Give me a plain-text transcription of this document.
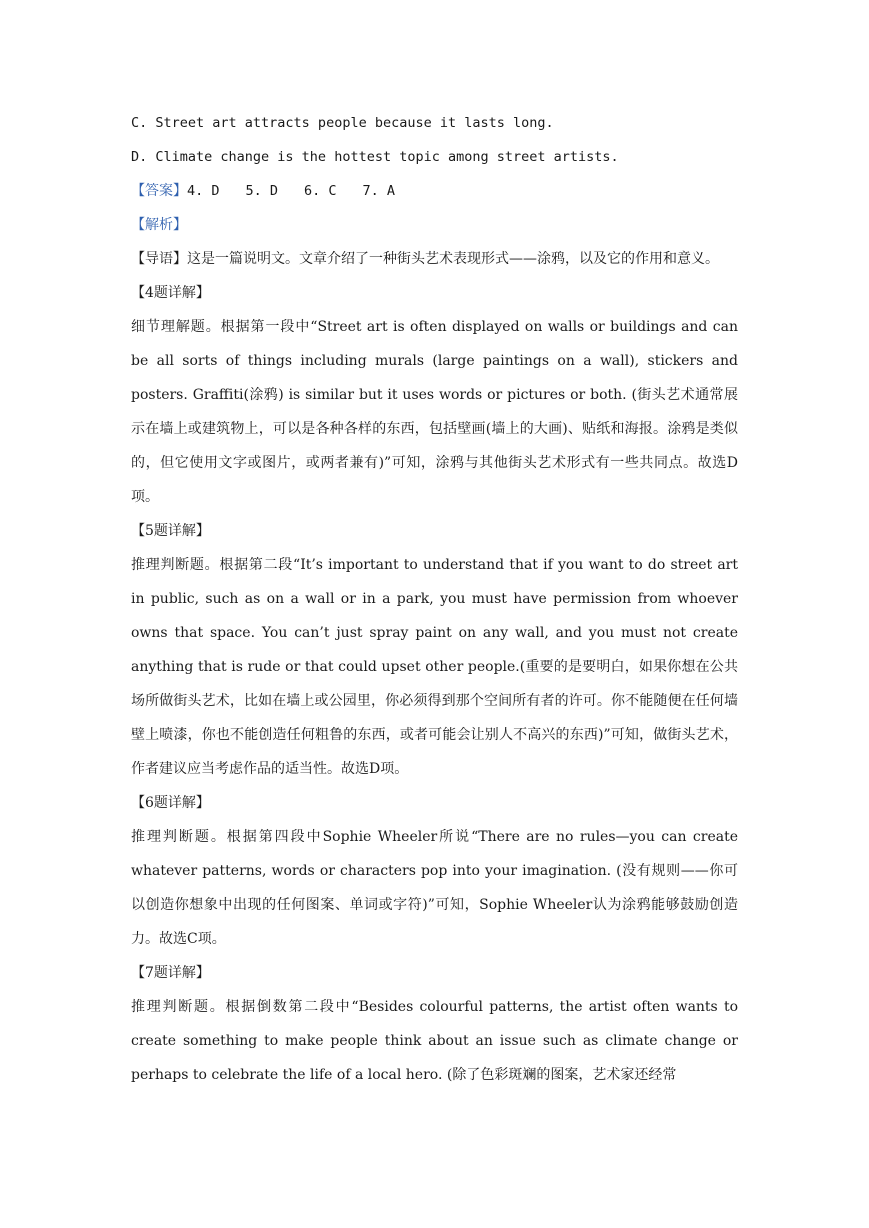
C. Street art attracts people because it lasts long.
D. Climate change is the hottest topic among street artists.
【答案】4. D 5. D 6. C 7. A
【解析】

【导语】这是一篇说明文。文章介绍了一种街头艺术表现形式——涂鸦，以及它的作用和意义。

【4题详解】

细节理解题。根据第一段中“Street art is often displayed on walls or buildings and can be all sorts of things including murals (large paintings on a wall), stickers and posters. Graffiti(涂鸦) is similar but it uses words or pictures or both. (街头艺术通常展示在墙上或建筑物上，可以是各种各样的东西，包括壁画(墙上的大画)、贴纸和海报。涂鸦是类似的，但它使用文字或图片，或两者兼有)”可知，涂鸦与其他街头艺术形式有一些共同点。故选D项。

【5题详解】

推理判断题。根据第二段“It’s important to understand that if you want to do street art in public, such as on a wall or in a park, you must have permission from whoever owns that space. You can’t just spray paint on any wall, and you must not create anything that is rude or that could upset other people.(重要的是要明白，如果你想在公共场所做街头艺术，比如在墙上或公园里，你必须得到那个空间所有者的许可。你不能随便在任何墙壁上喷漆，你也不能创造任何粗鲁的东西，或者可能会让别人不高兴的东西)”可知，做街头艺术，作者建议应当考虑作品的适当性。故选D项。

【6题详解】

推理判断题。根据第四段中Sophie Wheeler所说“There are no rules—you can create whatever patterns, words or characters pop into your imagination. (没有规则——你可以创造你想象中出现的任何图案、单词或字符)”可知，Sophie Wheeler认为涂鸦能够鼓励创造力。故选C项。

【7题详解】

推理判断题。根据倒数第二段中“Besides colourful patterns, the artist often wants to create something to make people think about an issue such as climate change or perhaps to celebrate the life of a local hero. (除了色彩斑斓的图案，艺术家还经常
